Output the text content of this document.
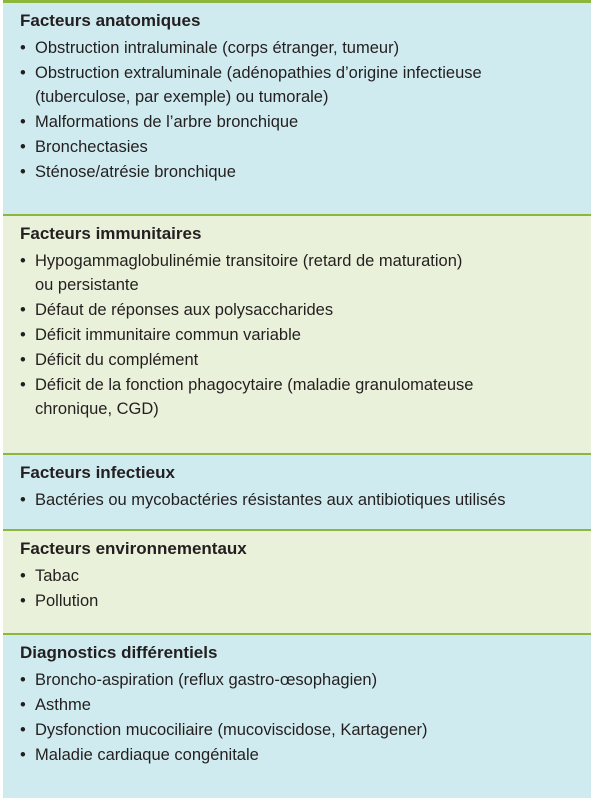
Facteurs anatomiques
• Obstruction intraluminale (corps étranger, tumeur)
• Obstruction extraluminale (adénopathies d’origine infectieuse
(tuberculose, par exemple) ou tumorale)
• Malformations de l’arbre bronchique
• Bronchectasies
• Sténose/atrésie bronchique
Facteurs immunitaires
• Hypogammaglobulinémie transitoire (retard de maturation)
ou persistante
• Défaut de réponses aux polysaccharides
• Déficit immunitaire commun variable
• Déficit du complément
• Déficit de la fonction phagocytaire (maladie granulomateuse
chronique, CGD)
Facteurs infectieux
• Bactéries ou mycobactéries résistantes aux antibiotiques utilisés
Facteurs environnementaux
• Tabac
• Pollution
Diagnostics différentiels
• Broncho-aspiration (reflux gastro-œsophagien)
• Asthme
• Dysfonction mucociliaire (mucoviscidose, Kartagener)
• Maladie cardiaque congénitale
